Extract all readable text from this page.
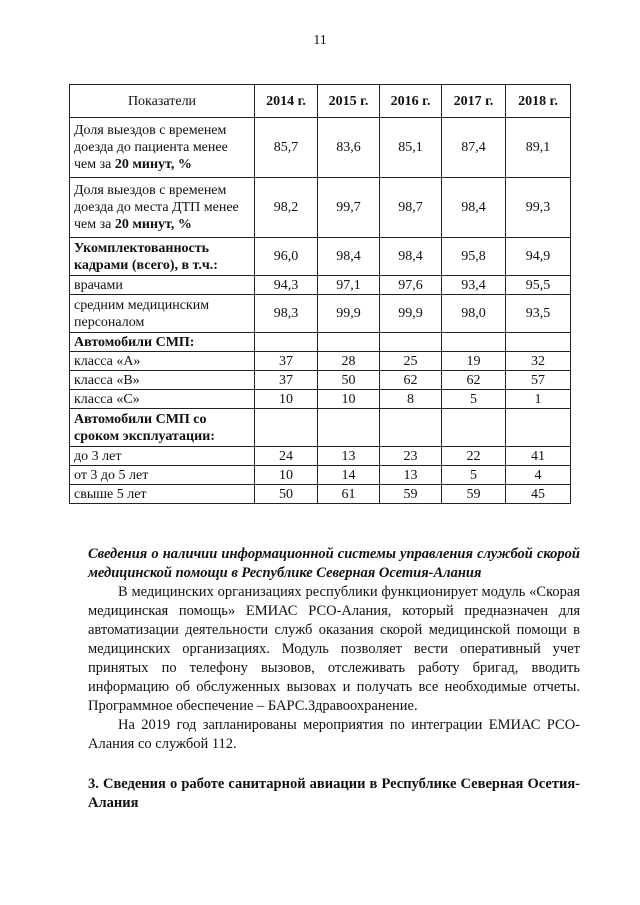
11
Показатели	2014 г.	2015 г.	2016 г.	2017 г.	2018 г.
Доля выездов с временем доезда до пациента менее чем за 20 минут, %	85,7	83,6	85,1	87,4	89,1
Доля выездов с временем доезда до места ДТП менее чем за 20 минут, %	98,2	99,7	98,7	98,4	99,3
Укомплектованность кадрами (всего), в т.ч.:	96,0	98,4	98,4	95,8	94,9
врачами	94,3	97,1	97,6	93,4	95,5
средним медицинским персоналом	98,3	99,9	99,9	98,0	93,5
Автомобили СМП:					
класса «А»	37	28	25	19	32
класса «В»	37	50	62	62	57
класса «С»	10	10	8	5	1
Автомобили СМП со сроком эксплуатации:					
до 3 лет	24	13	23	22	41
от 3 до 5 лет	10	14	13	5	4
свыше 5 лет	50	61	59	59	45
Сведения о наличии информационной системы управления службой скорой медицинской помощи в Республике Северная Осетия-Алания

В медицинских организациях республики функционирует модуль «Скорая медицинская помощь» ЕМИАС РСО-Алания, который предназначен для автоматизации деятельности служб оказания скорой медицинской помощи в медицинских организациях. Модуль позволяет вести оперативный учет принятых по телефону вызовов, отслеживать работу бригад, вводить информацию об обслуженных вызовах и получать все необходимые отчеты. Программное обеспечение – БАРС.Здравоохранение.

На 2019 год запланированы мероприятия по интеграции ЕМИАС РСО-Алания со службой 112.

3. Сведения о работе санитарной авиации в Республике Северная Осетия-Алания
